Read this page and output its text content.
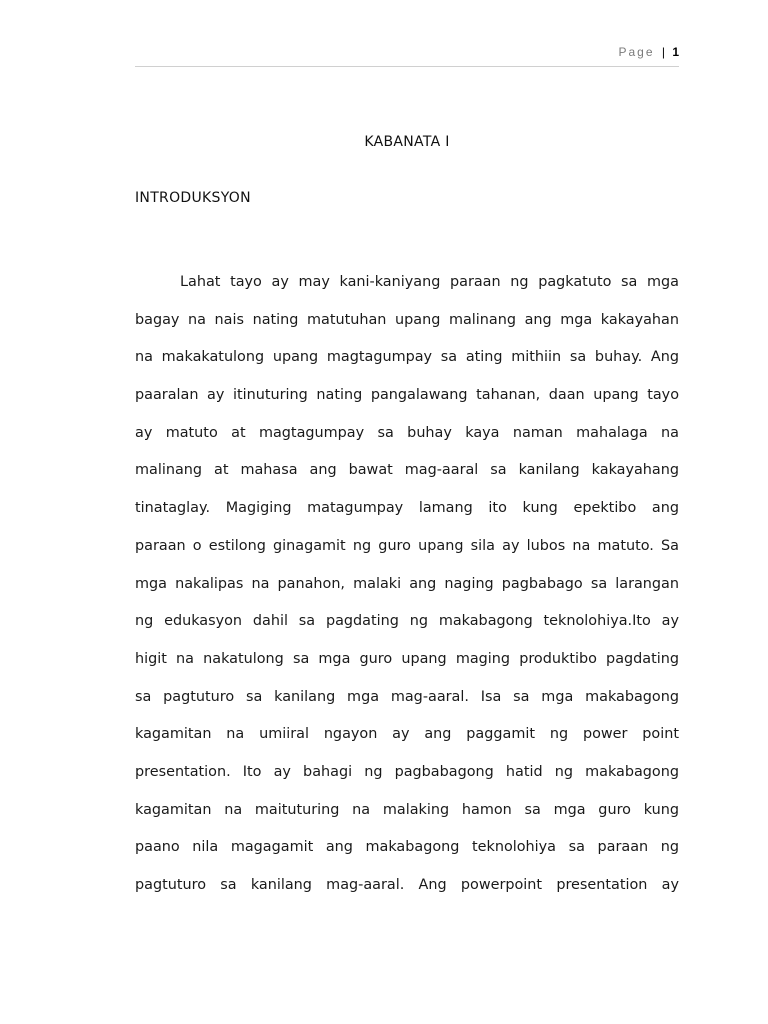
Page | 1
KABANATA I
INTRODUKSYON
Lahat tayo ay may kani-kaniyang paraan ng pagkatuto sa mga
bagay na nais nating matutuhan upang malinang ang mga kakayahan
na makakatulong upang magtagumpay sa ating mithiin sa buhay. Ang
paaralan ay itinuturing nating pangalawang tahanan, daan upang tayo
ay matuto at magtagumpay sa buhay kaya naman mahalaga na
malinang at mahasa ang bawat mag-aaral sa kanilang kakayahang
tinataglay. Magiging matagumpay lamang ito kung epektibo ang
paraan o estilong ginagamit ng guro upang sila ay lubos na matuto. Sa
mga nakalipas na panahon, malaki ang naging pagbabago sa larangan
ng edukasyon dahil sa pagdating ng makabagong teknolohiya.Ito ay
higit na nakatulong sa mga guro upang maging produktibo pagdating
sa pagtuturo sa kanilang mga mag-aaral. Isa sa mga makabagong
kagamitan na umiiral ngayon ay ang paggamit ng power point
presentation. Ito ay bahagi ng pagbabagong hatid ng makabagong
kagamitan na maituturing na malaking hamon sa mga guro kung
paano nila magagamit ang makabagong teknolohiya sa paraan ng
pagtuturo sa kanilang mag-aaral. Ang powerpoint presentation ay
